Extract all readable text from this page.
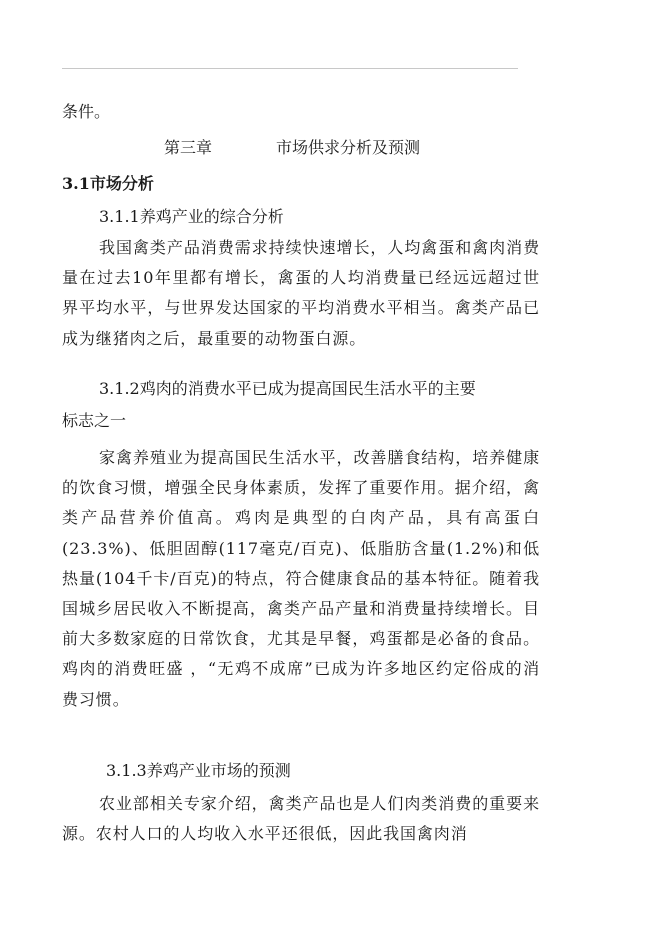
条件。
第三章	市场供求分析及预测
3.1市场分析
3.1.1养鸡产业的综合分析
我国禽类产品消费需求持续快速增长，人均禽蛋和禽肉消费量在过去10年里都有增长，禽蛋的人均消费量已经远远超过世界平均水平，与世界发达国家的平均消费水平相当。禽类产品已成为继猪肉之后，最重要的动物蛋白源。
3.1.2鸡肉的消费水平已成为提高国民生活水平的主要
标志之一
家禽养殖业为提高国民生活水平，改善膳食结构，培养健康的饮食习惯，增强全民身体素质，发挥了重要作用。据介绍，禽类产品营养价值高。鸡肉是典型的白肉产品，具有高蛋白(23.3%)、低胆固醇(117毫克/百克)、低脂肪含量(1.2%)和低热量(104千卡/百克)的特点，符合健康食品的基本特征。随着我国城乡居民收入不断提高，禽类产品产量和消费量持续增长。目前大多数家庭的日常饮食，尤其是早餐，鸡蛋都是必备的食品。鸡肉的消费旺盛 ，“无鸡不成席”已成为许多地区约定俗成的消费习惯。
3.1.3养鸡产业市场的预测
农业部相关专家介绍，禽类产品也是人们肉类消费的重要来源。农村人口的人均收入水平还很低，因此我国禽肉消
